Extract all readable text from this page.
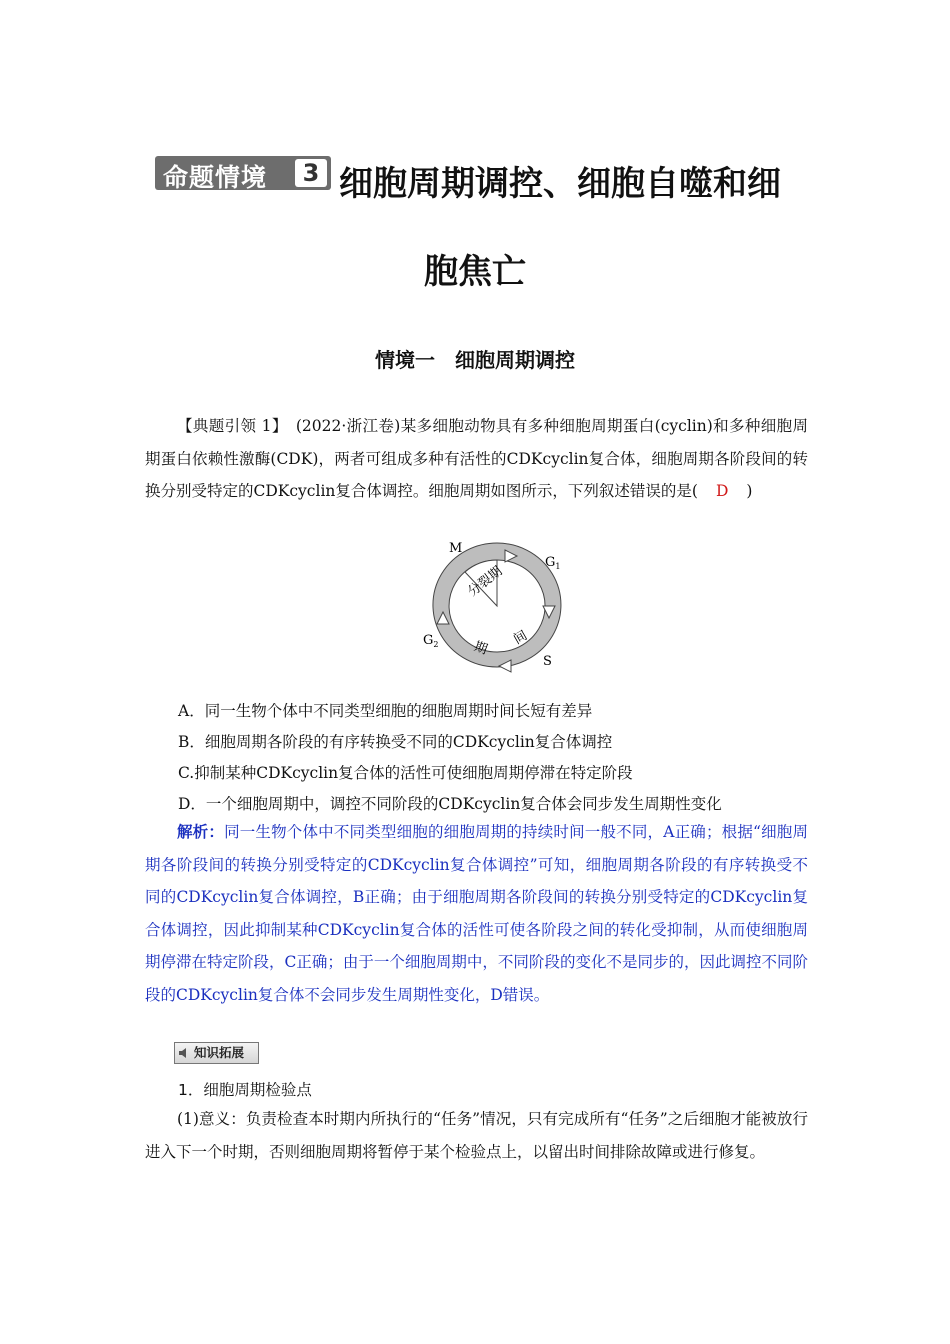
命题情境	3 细胞周期调控、细胞自噬和细
胞焦亡
情境一　细胞周期调控
【典题引领 1】　(2022·浙江卷)某多细胞动物具有多种细胞周期蛋白(cyclin)和多种细胞周期蛋白依赖性激酶(CDK)，两者可组成多种有活性的CDKcyclin复合体，细胞周期各阶段间的转换分别受特定的CDKcyclin复合体调控。细胞周期如图所示，下列叙述错误的是( D )
M
$G_1$
$G_2$
S
分裂期
期
间
A．同一生物个体中不同类型细胞的细胞周期时间长短有差异
B．细胞周期各阶段的有序转换受不同的CDKcyclin复合体调控
C.抑制某种CDKcyclin复合体的活性可使细胞周期停滞在特定阶段
D．一个细胞周期中，调控不同阶段的CDKcyclin复合体会同步发生周期性变化
解析：同一生物个体中不同类型细胞的细胞周期的持续时间一般不同，A正确；根据“细胞周期各阶段间的转换分别受特定的CDKcyclin复合体调控”可知，细胞周期各阶段的有序转换受不同的CDKcyclin复合体调控，B正确；由于细胞周期各阶段间的转换分别受特定的CDKcyclin复合体调控，因此抑制某种CDKcyclin复合体的活性可使各阶段之间的转化受抑制，从而使细胞周期停滞在特定阶段，C正确；由于一个细胞周期中，不同阶段的变化不是同步的，因此调控不同阶段的CDKcyclin复合体不会同步发生周期性变化，D错误。
知识拓展
1．细胞周期检验点
(1)意义：负责检查本时期内所执行的“任务”情况，只有完成所有“任务”之后细胞才能被放行进入下一个时期，否则细胞周期将暂停于某个检验点上，以留出时间排除故障或进行修复。
